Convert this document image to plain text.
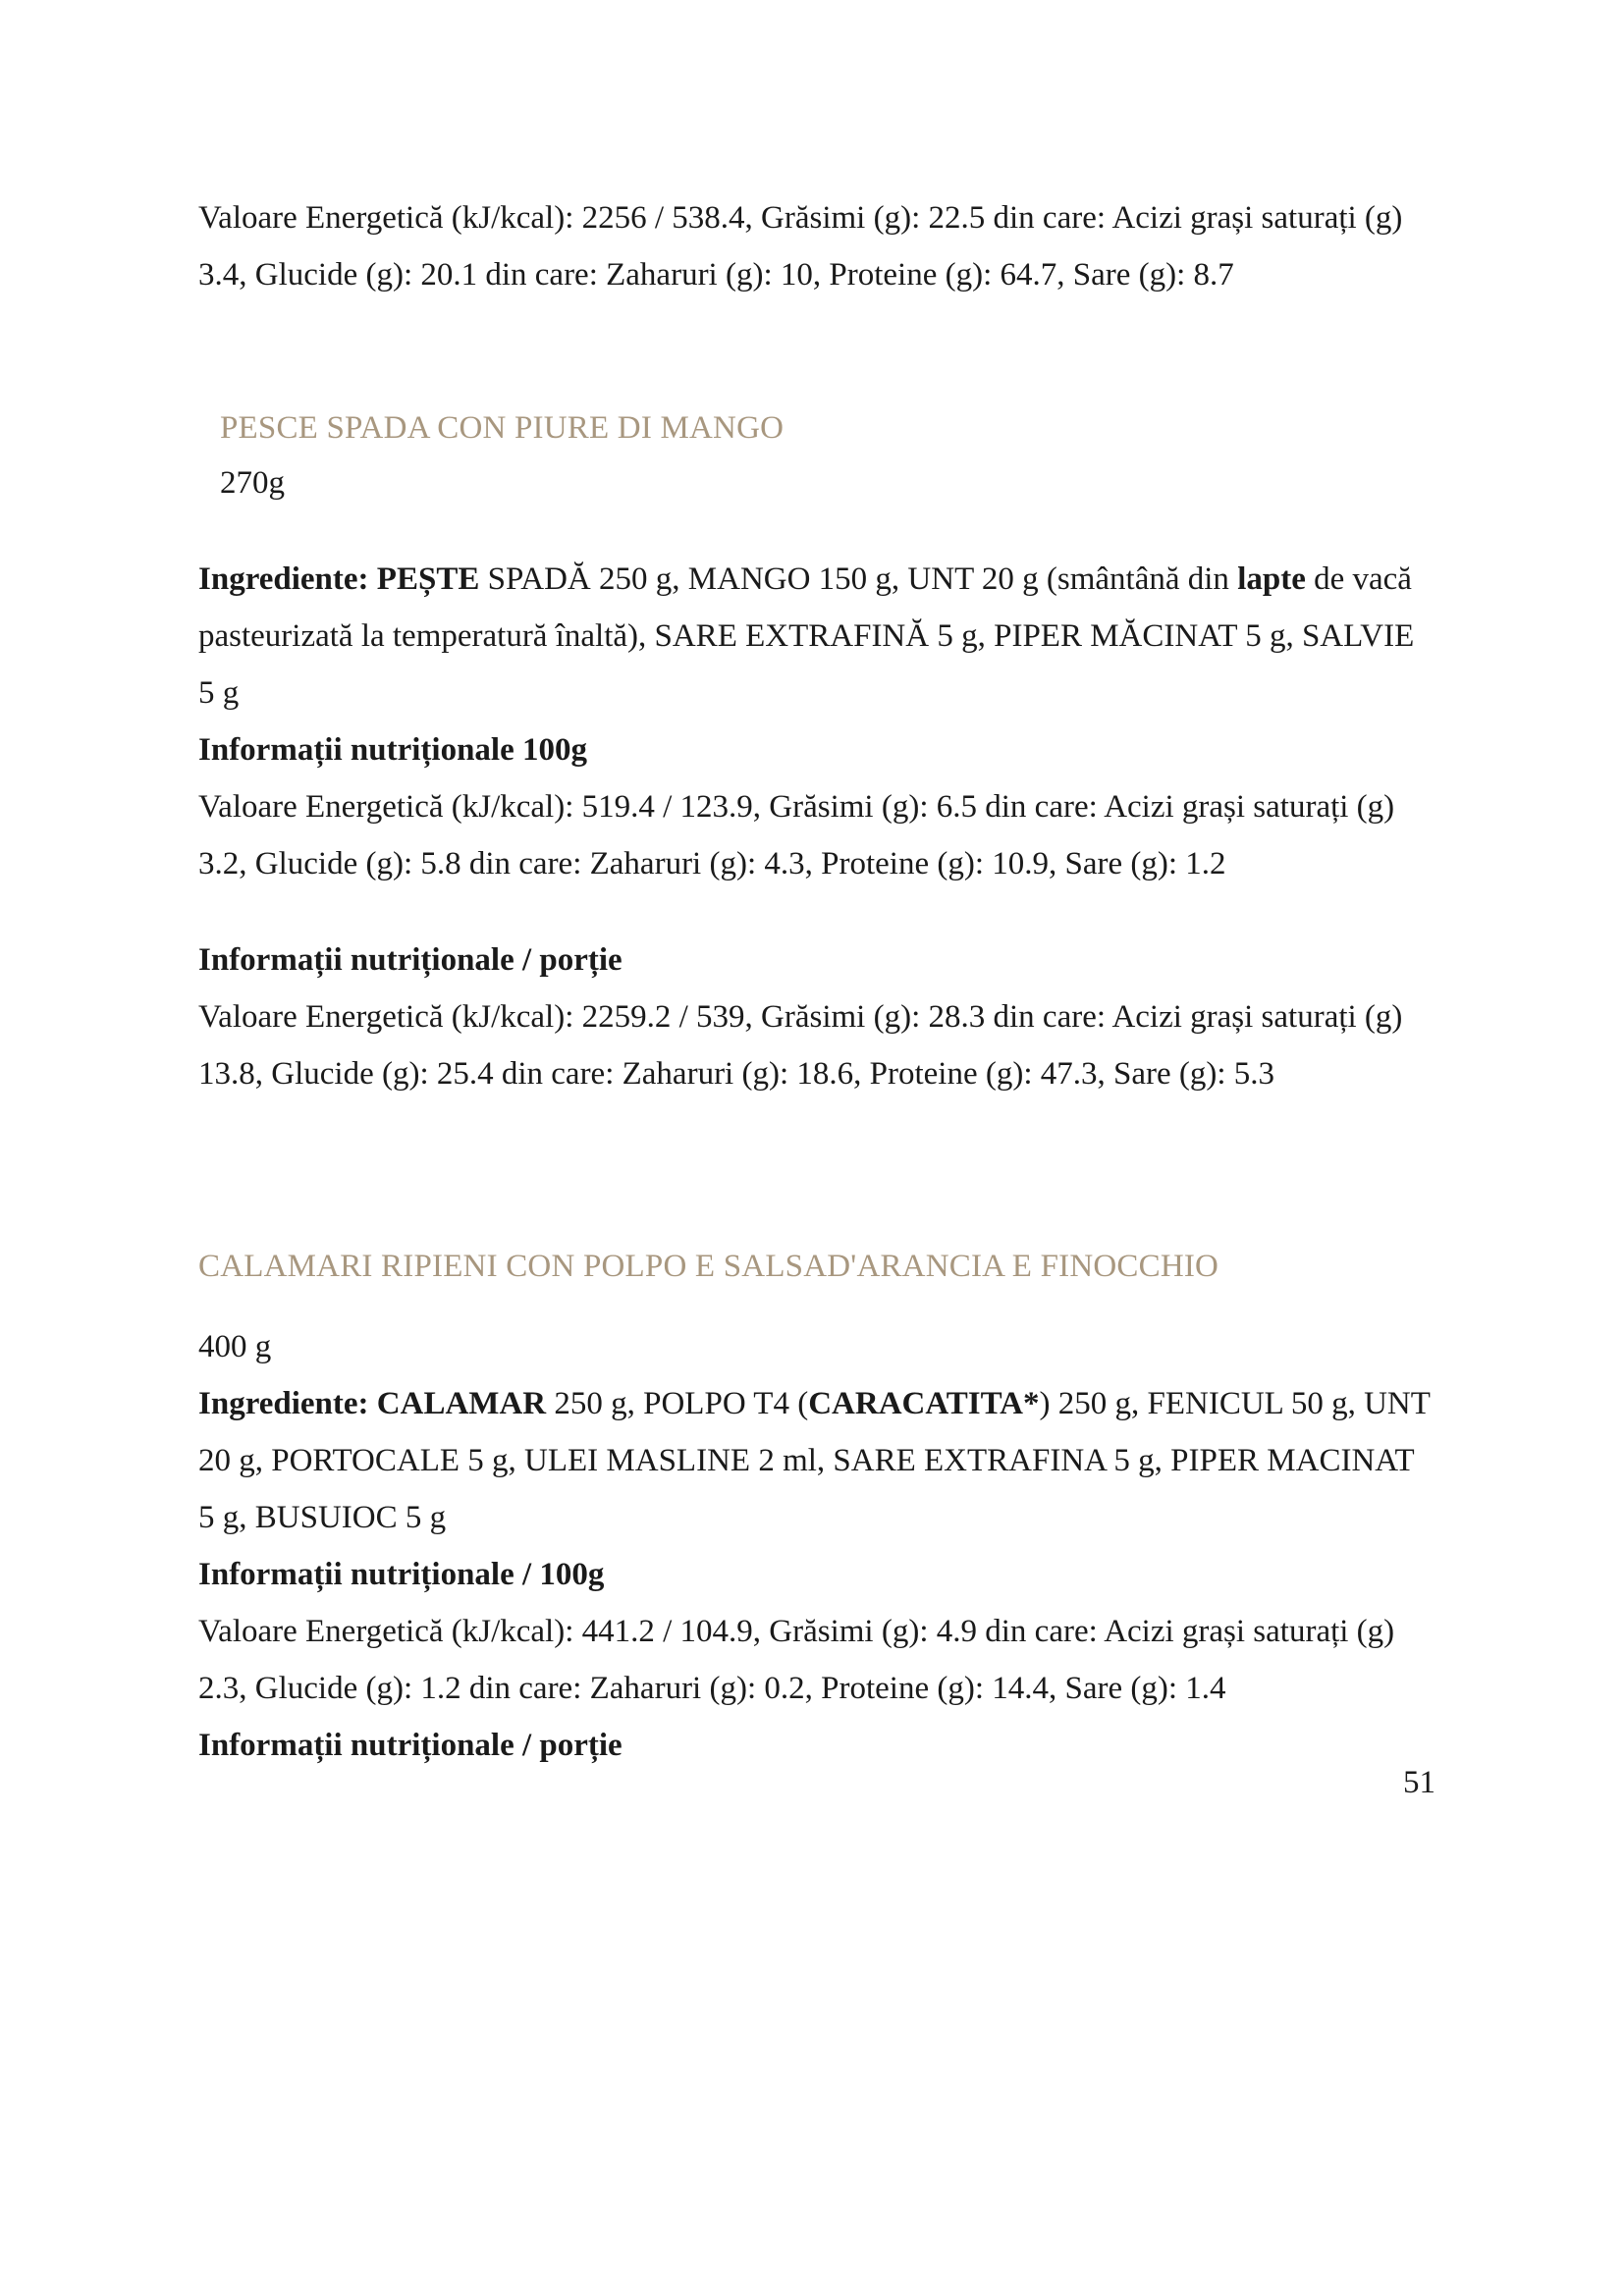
Valoare Energetică (kJ/kcal): 2256 / 538.4, Grăsimi (g): 22.5 din care: Acizi grași saturați (g)
3.4, Glucide (g): 20.1 din care: Zaharuri (g): 10, Proteine (g): 64.7, Sare (g): 8.7
PESCE SPADA CON PIURE DI MANGO
270g
Ingrediente: PEȘTE SPADĂ 250 g, MANGO 150 g, UNT 20 g (smântână din lapte de vacă
pasteurizată la temperatură înaltă), SARE EXTRAFINĂ 5 g, PIPER MĂCINAT 5 g, SALVIE
5 g
Informații nutriționale 100g
Valoare Energetică (kJ/kcal): 519.4 / 123.9, Grăsimi (g): 6.5 din care: Acizi grași saturați (g)
3.2, Glucide (g): 5.8 din care: Zaharuri (g): 4.3, Proteine (g): 10.9, Sare (g): 1.2
Informații nutriționale / porție
Valoare Energetică (kJ/kcal): 2259.2 / 539, Grăsimi (g): 28.3 din care: Acizi grași saturați (g)
13.8, Glucide (g): 25.4 din care: Zaharuri (g): 18.6, Proteine (g): 47.3, Sare (g): 5.3
CALAMARI RIPIENI CON POLPO E SALSAD'ARANCIA E FINOCCHIO
400 g
Ingrediente: CALAMAR 250 g, POLPO T4 (CARACATITA*) 250 g, FENICUL 50 g, UNT
20 g, PORTOCALE 5 g, ULEI MASLINE 2 ml, SARE EXTRAFINA 5 g, PIPER MACINAT
5 g, BUSUIOC 5 g
Informații nutriționale / 100g
Valoare Energetică (kJ/kcal): 441.2 / 104.9, Grăsimi (g): 4.9 din care: Acizi grași saturați (g)
2.3, Glucide (g): 1.2 din care: Zaharuri (g): 0.2, Proteine (g): 14.4, Sare (g): 1.4
Informații nutriționale / porție
51
